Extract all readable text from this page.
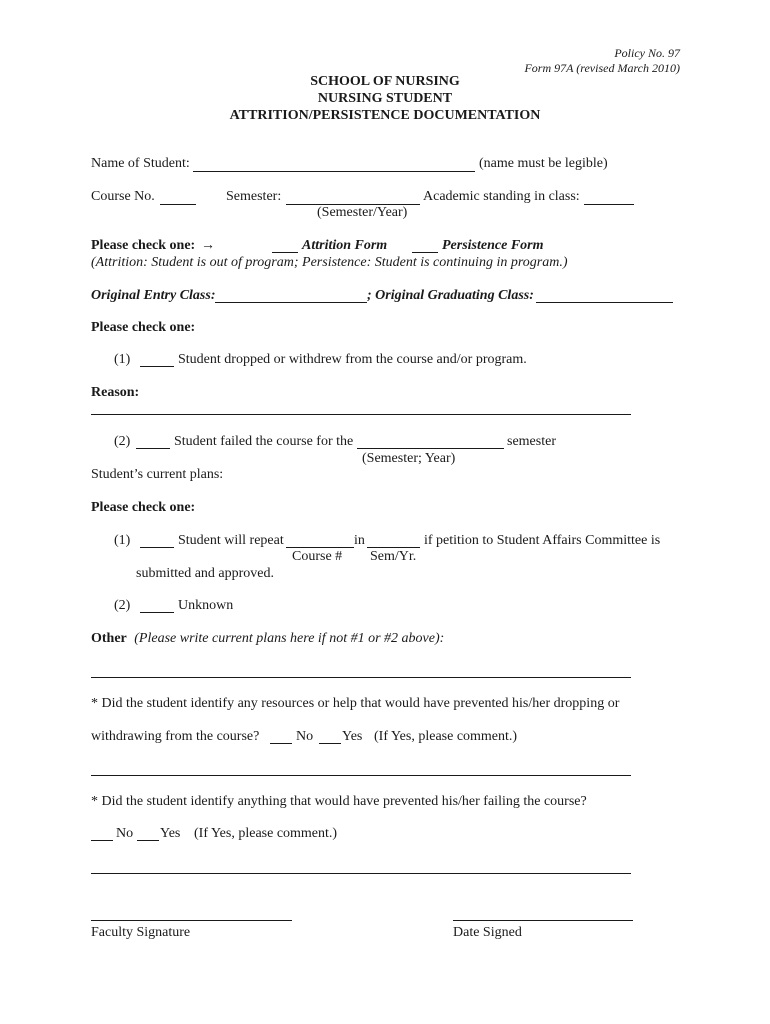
Policy No. 97
Form 97A (revised March 2010)
SCHOOL OF NURSING
NURSING STUDENT
ATTRITION/PERSISTENCE DOCUMENTATION
Name of Student:	(name must be legible)
Course No.	Semester:	Academic standing in class:
(Semester/Year)
Please check one: →	Attrition Form	Persistence Form
(Attrition: Student is out of program; Persistence: Student is continuing in program.)
Original Entry Class:	; Original Graduating Class:
Please check one:
(1)	Student dropped or withdrew from the course and/or program.
Reason:
(2)	Student failed the course for the	semester
(Semester; Year)
Student’s current plans:
Please check one:
(1)	Student will repeat	in	if petition to Student Affairs Committee is
Course # Sem/Yr.
submitted and approved.
(2)	Unknown
Other (Please write current plans here if not #1 or #2 above):
* Did the student identify any resources or help that would have prevented his/her dropping or
withdrawing from the course?	No Yes (If Yes, please comment.)
* Did the student identify anything that would have prevented his/her failing the course?
No Yes (If Yes, please comment.)
Faculty Signature	Date Signed
